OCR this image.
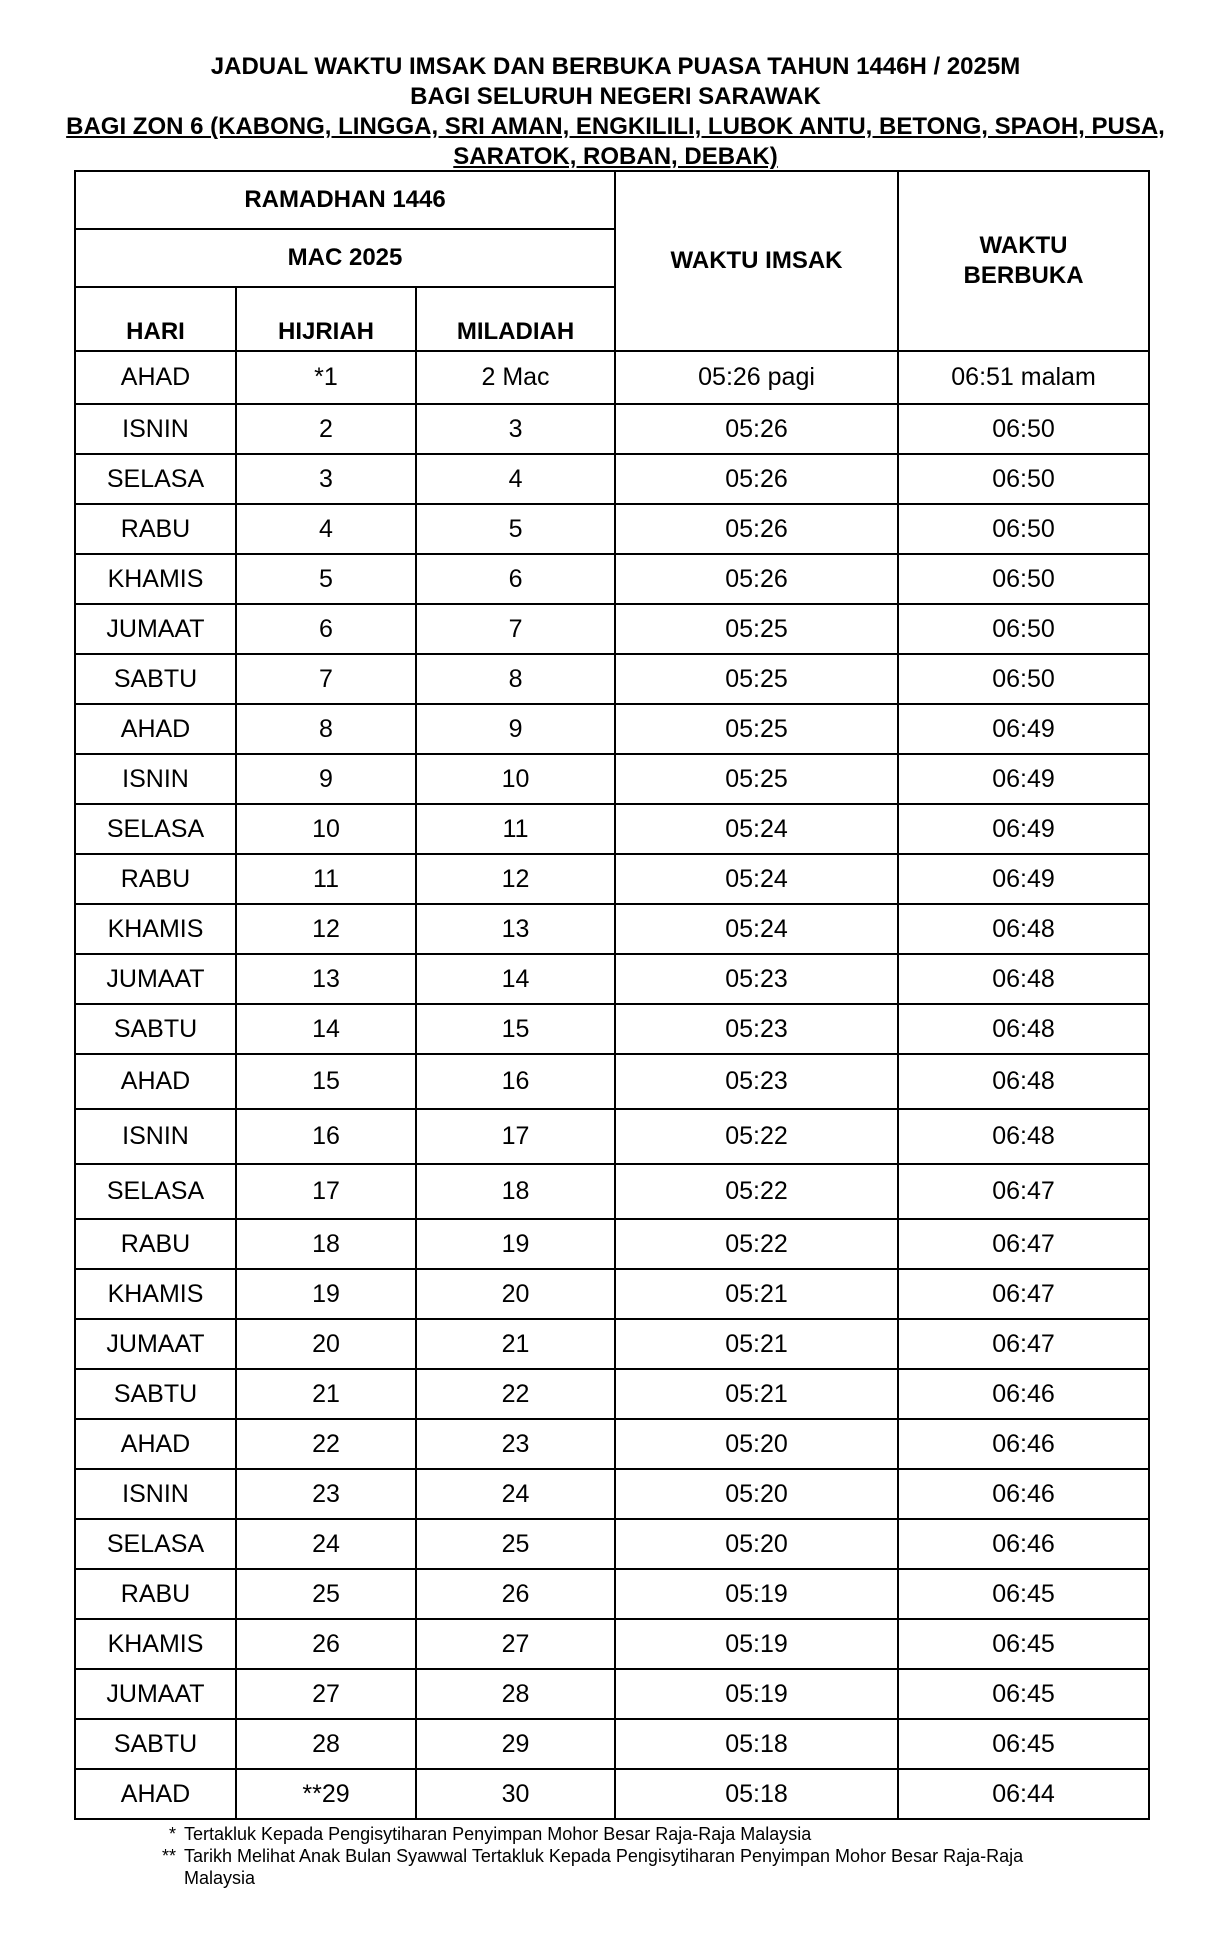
JADUAL WAKTU IMSAK DAN BERBUKA PUASA TAHUN 1446H / 2025M
BAGI SELURUH NEGERI SARAWAK
BAGI ZON 6 (KABONG, LINGGA, SRI AMAN, ENGKILILI, LUBOK ANTU, BETONG, SPAOH, PUSA,
SARATOK, ROBAN, DEBAK)
RAMADHAN 1446			WAKTU IMSAK	WAKTU
BERBUKA

MAC 2025				
HARI	HIJRIAH	MILADIAH		
AHAD	*1	2 Mac	05:26 pagi	06:51 malam
ISNIN	2	3	05:26	06:50
SELASA	3	4	05:26	06:50
RABU	4	5	05:26	06:50
KHAMIS	5	6	05:26	06:50
JUMAAT	6	7	05:25	06:50
SABTU	7	8	05:25	06:50
AHAD	8	9	05:25	06:49
ISNIN	9	10	05:25	06:49
SELASA	10	11	05:24	06:49
RABU	11	12	05:24	06:49
KHAMIS	12	13	05:24	06:48
JUMAAT	13	14	05:23	06:48
SABTU	14	15	05:23	06:48
AHAD	15	16	05:23	06:48
ISNIN	16	17	05:22	06:48
SELASA	17	18	05:22	06:47
RABU	18	19	05:22	06:47
KHAMIS	19	20	05:21	06:47
JUMAAT	20	21	05:21	06:47
SABTU	21	22	05:21	06:46
AHAD	22	23	05:20	06:46
ISNIN	23	24	05:20	06:46
SELASA	24	25	05:20	06:46
RABU	25	26	05:19	06:45
KHAMIS	26	27	05:19	06:45
JUMAAT	27	28	05:19	06:45
SABTU	28	29	05:18	06:45
AHAD	**29	30	05:18	06:44
* Tertakluk Kepada Pengisytiharan Penyimpan Mohor Besar Raja-Raja Malaysia
** Tarikh Melihat Anak Bulan Syawwal Tertakluk Kepada Pengisytiharan Penyimpan Mohor Besar Raja-Raja Malaysia
